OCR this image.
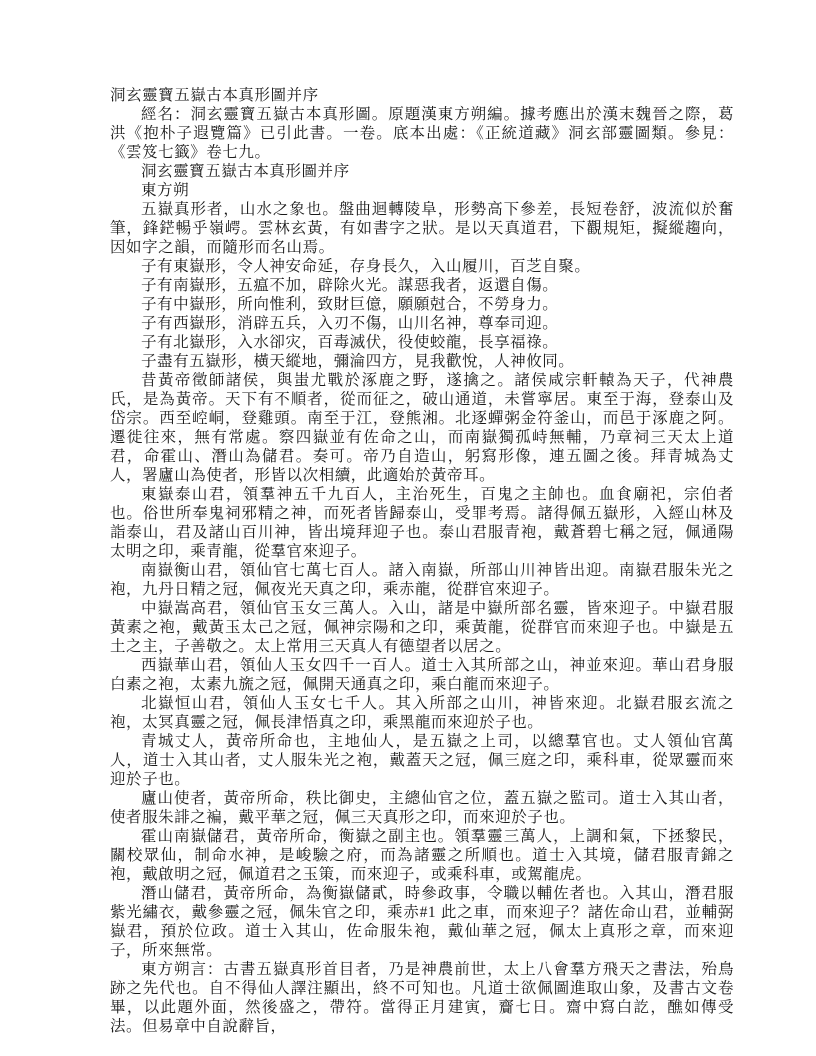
洞玄靈寶五嶽古本真形圖并序

經名：洞玄靈寶五嶽古本真形圖。原題漢東方朔編。據考應出於漢末魏晉之際，葛洪《抱朴子遐覽篇》已引此書。一卷。底本出處：《正統道藏》洞玄部靈圖類。參見：《雲笈七籤》卷七九。

洞玄靈寶五嶽古本真形圖并序

東方朔

五嶽真形者，山水之象也。盤曲迴轉陵阜，形勢高下參差，長短卷舒，波流似於奮筆，鋒鋩暢乎嶺崿。雲林玄黃，有如書字之狀。是以天真道君，下觀規矩，擬縱趨向，因如字之韻，而隨形而名山焉。

子有東嶽形，令人神安命延，存身長久，入山履川，百芝自聚。

子有南嶽形，五瘟不加，辟除火光。謀惡我者，返還自傷。

子有中嶽形，所向惟利，致財巨億，願願尅合，不勞身力。

子有西嶽形，消辟五兵，入刃不傷，山川名神，尊奉司迎。

子有北嶽形，入水卻灾，百毒滅伏，役使蛟龍，長享福祿。

子盡有五嶽形，橫天縱地，彌淪四方，見我歡悅，人神攸同。

昔黃帝徵師諸侯，與蚩尤戰於涿鹿之野，遂擒之。諸侯咸宗軒轅為天子，代神農氏，是為黃帝。天下有不順者，從而征之，破山通道，未嘗寧居。東至于海，登泰山及岱宗。西至崆峒，登雞頭。南至于江，登熊湘。北逐蟬粥金符釜山，而邑于涿鹿之阿。遷徙往來，無有常處。察四嶽並有佐命之山，而南嶽獨孤峙無輔，乃章祠三天太上道君，命霍山、潛山為儲君。奏可。帝乃自造山，躬寫形像，連五圖之後。拜青城為丈人，署廬山為使者，形皆以次相續，此適始於黃帝耳。

東嶽泰山君，領羣神五千九百人，主治死生，百鬼之主帥也。血食廟祀，宗伯者也。俗世所奉鬼祠邪精之神，而死者皆歸泰山，受罪考焉。諸得佩五嶽形，入經山林及詣泰山，君及諸山百川神，皆出境拜迎子也。泰山君服青袍，戴蒼碧七稱之冠，佩通陽太明之印，乘青龍，從羣官來迎子。

南嶽衡山君，領仙官七萬七百人。諸入南嶽，所部山川神皆出迎。南嶽君服朱光之袍，九丹日精之冠，佩夜光天真之印，乘赤龍，從群官來迎子。

中嶽嵩高君，領仙官玉女三萬人。入山，諸是中嶽所部名靈，皆來迎子。中嶽君服黃素之袍，戴黃玉太己之冠，佩神宗陽和之印，乘黃龍，從群官而來迎子也。中嶽是五土之主，子善敬之。太上常用三天真人有德望者以居之。

西嶽華山君，領仙人玉女四千一百人。道士入其所部之山，神並來迎。華山君身服白素之袍，太素九旒之冠，佩開天通真之印，乘白龍而來迎子。

北嶽恒山君，領仙人玉女七千人。其入所部之山川，神皆來迎。北嶽君服玄流之袍，太冥真靈之冠，佩長津悟真之印，乘黑龍而來迎於子也。

青城丈人，黃帝所命也，主地仙人，是五嶽之上司，以總羣官也。丈人領仙官萬人，道士入其山者，丈人服朱光之袍，戴蓋天之冠，佩三庭之印，乘科車，從眾靈而來迎於子也。

廬山使者，黃帝所命，秩比御史，主總仙官之位，蓋五嶽之監司。道士入其山者，使者服朱誹之褊，戴平華之冠，佩三天真形之印，而來迎於子也。

霍山南嶽儲君，黃帝所命，衡嶽之副主也。領羣靈三萬人，上調和氣，下拯黎民，關校眾仙，制命水神，是峻驗之府，而為諸靈之所順也。道士入其境，儲君服青錦之袍，戴啟明之冠，佩道君之玉策，而來迎子，或乘科車，或駕龍虎。

潛山儲君，黃帝所命，為衡嶽儲貳，時參政事，令職以輔佐者也。入其山，潛君服紫光繡衣，戴參靈之冠，佩朱官之印，乘赤#1 此之車，而來迎子？諸佐命山君，並輔弼嶽君，預於位政。道士入其山，佐命服朱袍，戴仙華之冠，佩太上真形之章，而來迎子，所來無常。

東方朔言：古書五嶽真形首目者，乃是神農前世，太上八會羣方飛天之書法，殆鳥跡之先代也。自不得仙人譯注顯出，終不可知也。凡道士欲佩圖進取山象，及書古文卷畢，以此題外面，然後盛之，帶符。當得正月建寅，齎七日。齋中寫白訖，醮如傳受法。但易章中自說辭旨，
